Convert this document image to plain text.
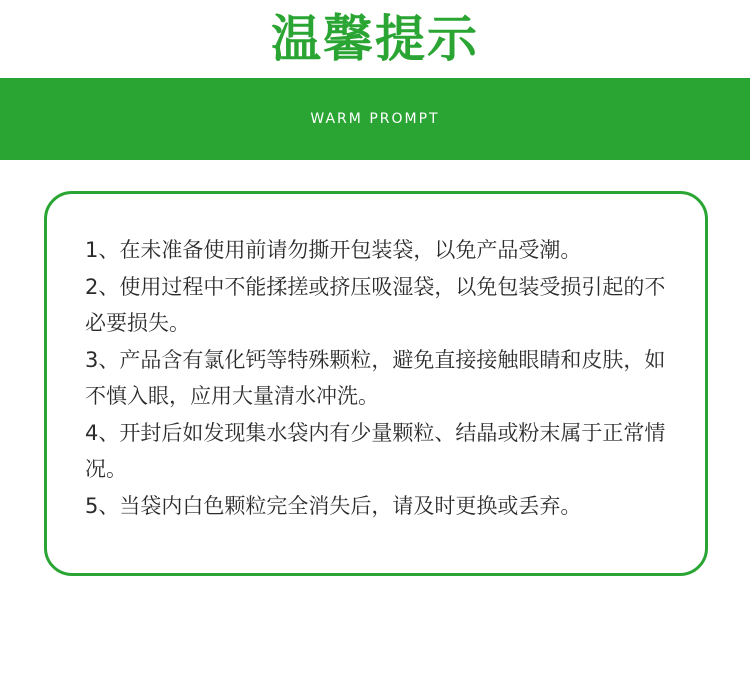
温馨提示
WARM PROMPT
1、在未准备使用前请勿撕开包装袋，以免产品受潮。
2、使用过程中不能揉搓或挤压吸湿袋，以免包装受损引起的不必要损失。
3、产品含有氯化钙等特殊颗粒，避免直接接触眼睛和皮肤，如不慎入眼，应用大量清水冲洗。
4、开封后如发现集水袋内有少量颗粒、结晶或粉末属于正常情况。
5、当袋内白色颗粒完全消失后，请及时更换或丢弃。
